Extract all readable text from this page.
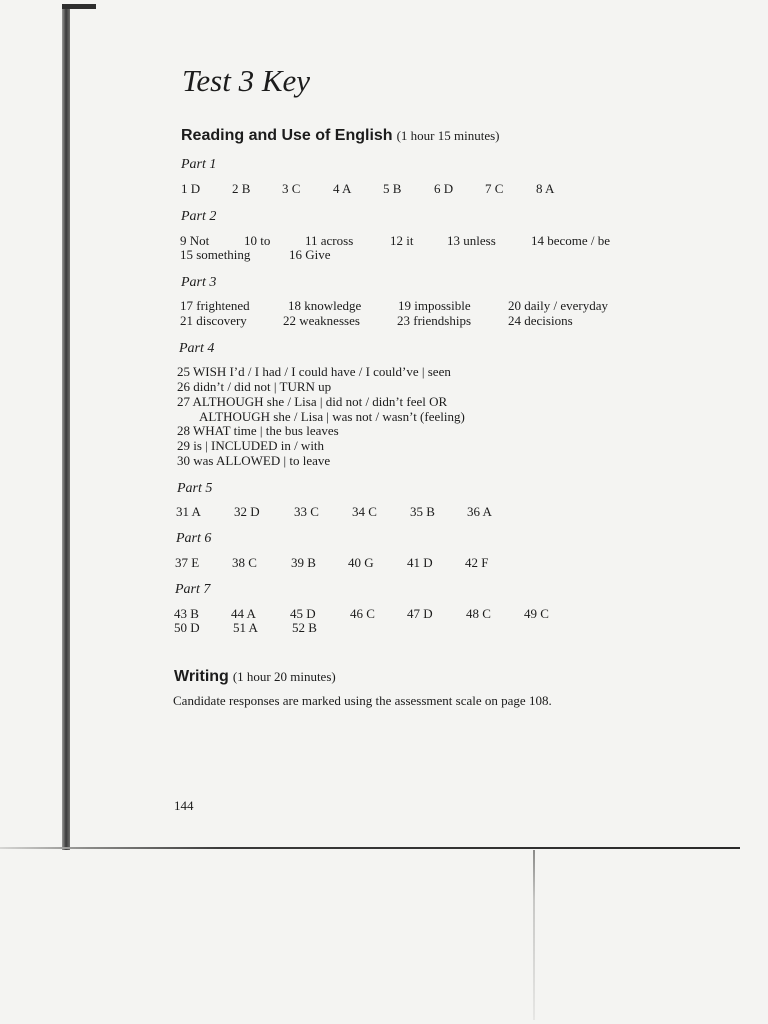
Test 3 Key
Reading and Use of English (1 hour 15 minutes)
Part 1
1 D 2 B 3 C	4 A 5 B	6 D 7 C	8 A
Part 2
9 Not	10 to	11 across	12 it	13 unless	14 become / be
15 something	16 Give
Part 3
17 frightened	18 knowledge	19 impossible	20 daily / everyday
21 discovery	22 weaknesses	23 friendships	24 decisions
Part 4
25 WISH I’d / I had / I could have / I could’ve | seen
26 didn’t / did not | TURN up
27 ALTHOUGH she / Lisa | did not / didn’t feel OR
ALTHOUGH she / Lisa | was not / wasn’t (feeling)
28 WHAT time | the bus leaves
29 is | INCLUDED in / with
30 was ALLOWED | to leave
Part 5
31 A	32 D	33 C	34 C	35 B 36 A
Part 6
37 E	38 C	39 B 40 G	41 D 42 F
Part 7
43 B 44 A	45 D	46 C 47 D	48 C	49 C
50 D	51 A	52 B
Writing (1 hour 20 minutes)
Candidate responses are marked using the assessment scale on page 108.
144
